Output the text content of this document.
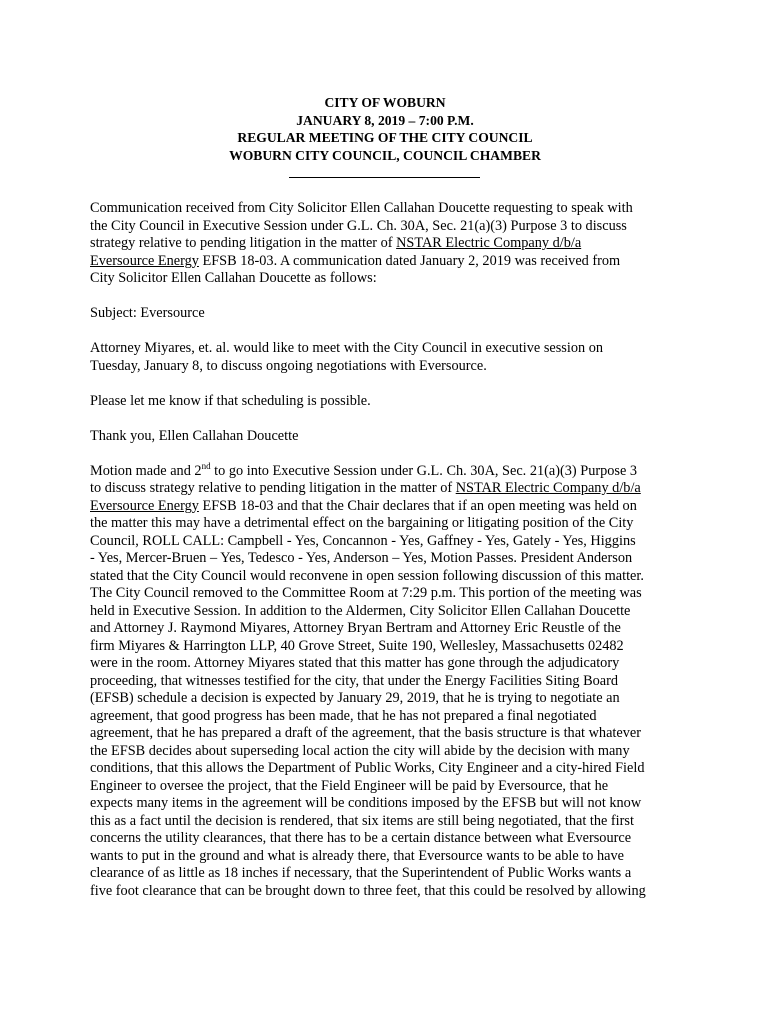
CITY OF WOBURN
JANUARY 8, 2019 – 7:00 P.M.
REGULAR MEETING OF THE CITY COUNCIL
WOBURN CITY COUNCIL, COUNCIL CHAMBER

Communication received from City Solicitor Ellen Callahan Doucette requesting to speak with
the City Council in Executive Session under G.L. Ch. 30A, Sec. 21(a)(3) Purpose 3 to discuss
strategy relative to pending litigation in the matter of NSTAR Electric Company d/b/a
Eversource Energy EFSB 18-03. A communication dated January 2, 2019 was received from
City Solicitor Ellen Callahan Doucette as follows:

Subject: Eversource

Attorney Miyares, et. al. would like to meet with the City Council in executive session on
Tuesday, January 8, to discuss ongoing negotiations with Eversource.

Please let me know if that scheduling is possible.

Thank you, Ellen Callahan Doucette

Motion made and 2nd to go into Executive Session under G.L. Ch. 30A, Sec. 21(a)(3) Purpose 3
to discuss strategy relative to pending litigation in the matter of NSTAR Electric Company d/b/a
Eversource Energy EFSB 18-03 and that the Chair declares that if an open meeting was held on
the matter this may have a detrimental effect on the bargaining or litigating position of the City
Council, ROLL CALL: Campbell - Yes, Concannon - Yes, Gaffney - Yes, Gately - Yes, Higgins
- Yes, Mercer-Bruen – Yes, Tedesco - Yes, Anderson – Yes, Motion Passes. President Anderson
stated that the City Council would reconvene in open session following discussion of this matter.
The City Council removed to the Committee Room at 7:29 p.m. This portion of the meeting was
held in Executive Session. In addition to the Aldermen, City Solicitor Ellen Callahan Doucette
and Attorney J. Raymond Miyares, Attorney Bryan Bertram and Attorney Eric Reustle of the
firm Miyares & Harrington LLP, 40 Grove Street, Suite 190, Wellesley, Massachusetts 02482
were in the room. Attorney Miyares stated that this matter has gone through the adjudicatory
proceeding, that witnesses testified for the city, that under the Energy Facilities Siting Board
(EFSB) schedule a decision is expected by January 29, 2019, that he is trying to negotiate an
agreement, that good progress has been made, that he has not prepared a final negotiated
agreement, that he has prepared a draft of the agreement, that the basis structure is that whatever
the EFSB decides about superseding local action the city will abide by the decision with many
conditions, that this allows the Department of Public Works, City Engineer and a city-hired Field
Engineer to oversee the project, that the Field Engineer will be paid by Eversource, that he
expects many items in the agreement will be conditions imposed by the EFSB but will not know
this as a fact until the decision is rendered, that six items are still being negotiated, that the first
concerns the utility clearances, that there has to be a certain distance between what Eversource
wants to put in the ground and what is already there, that Eversource wants to be able to have
clearance of as little as 18 inches if necessary, that the Superintendent of Public Works wants a
five foot clearance that can be brought down to three feet, that this could be resolved by allowing
